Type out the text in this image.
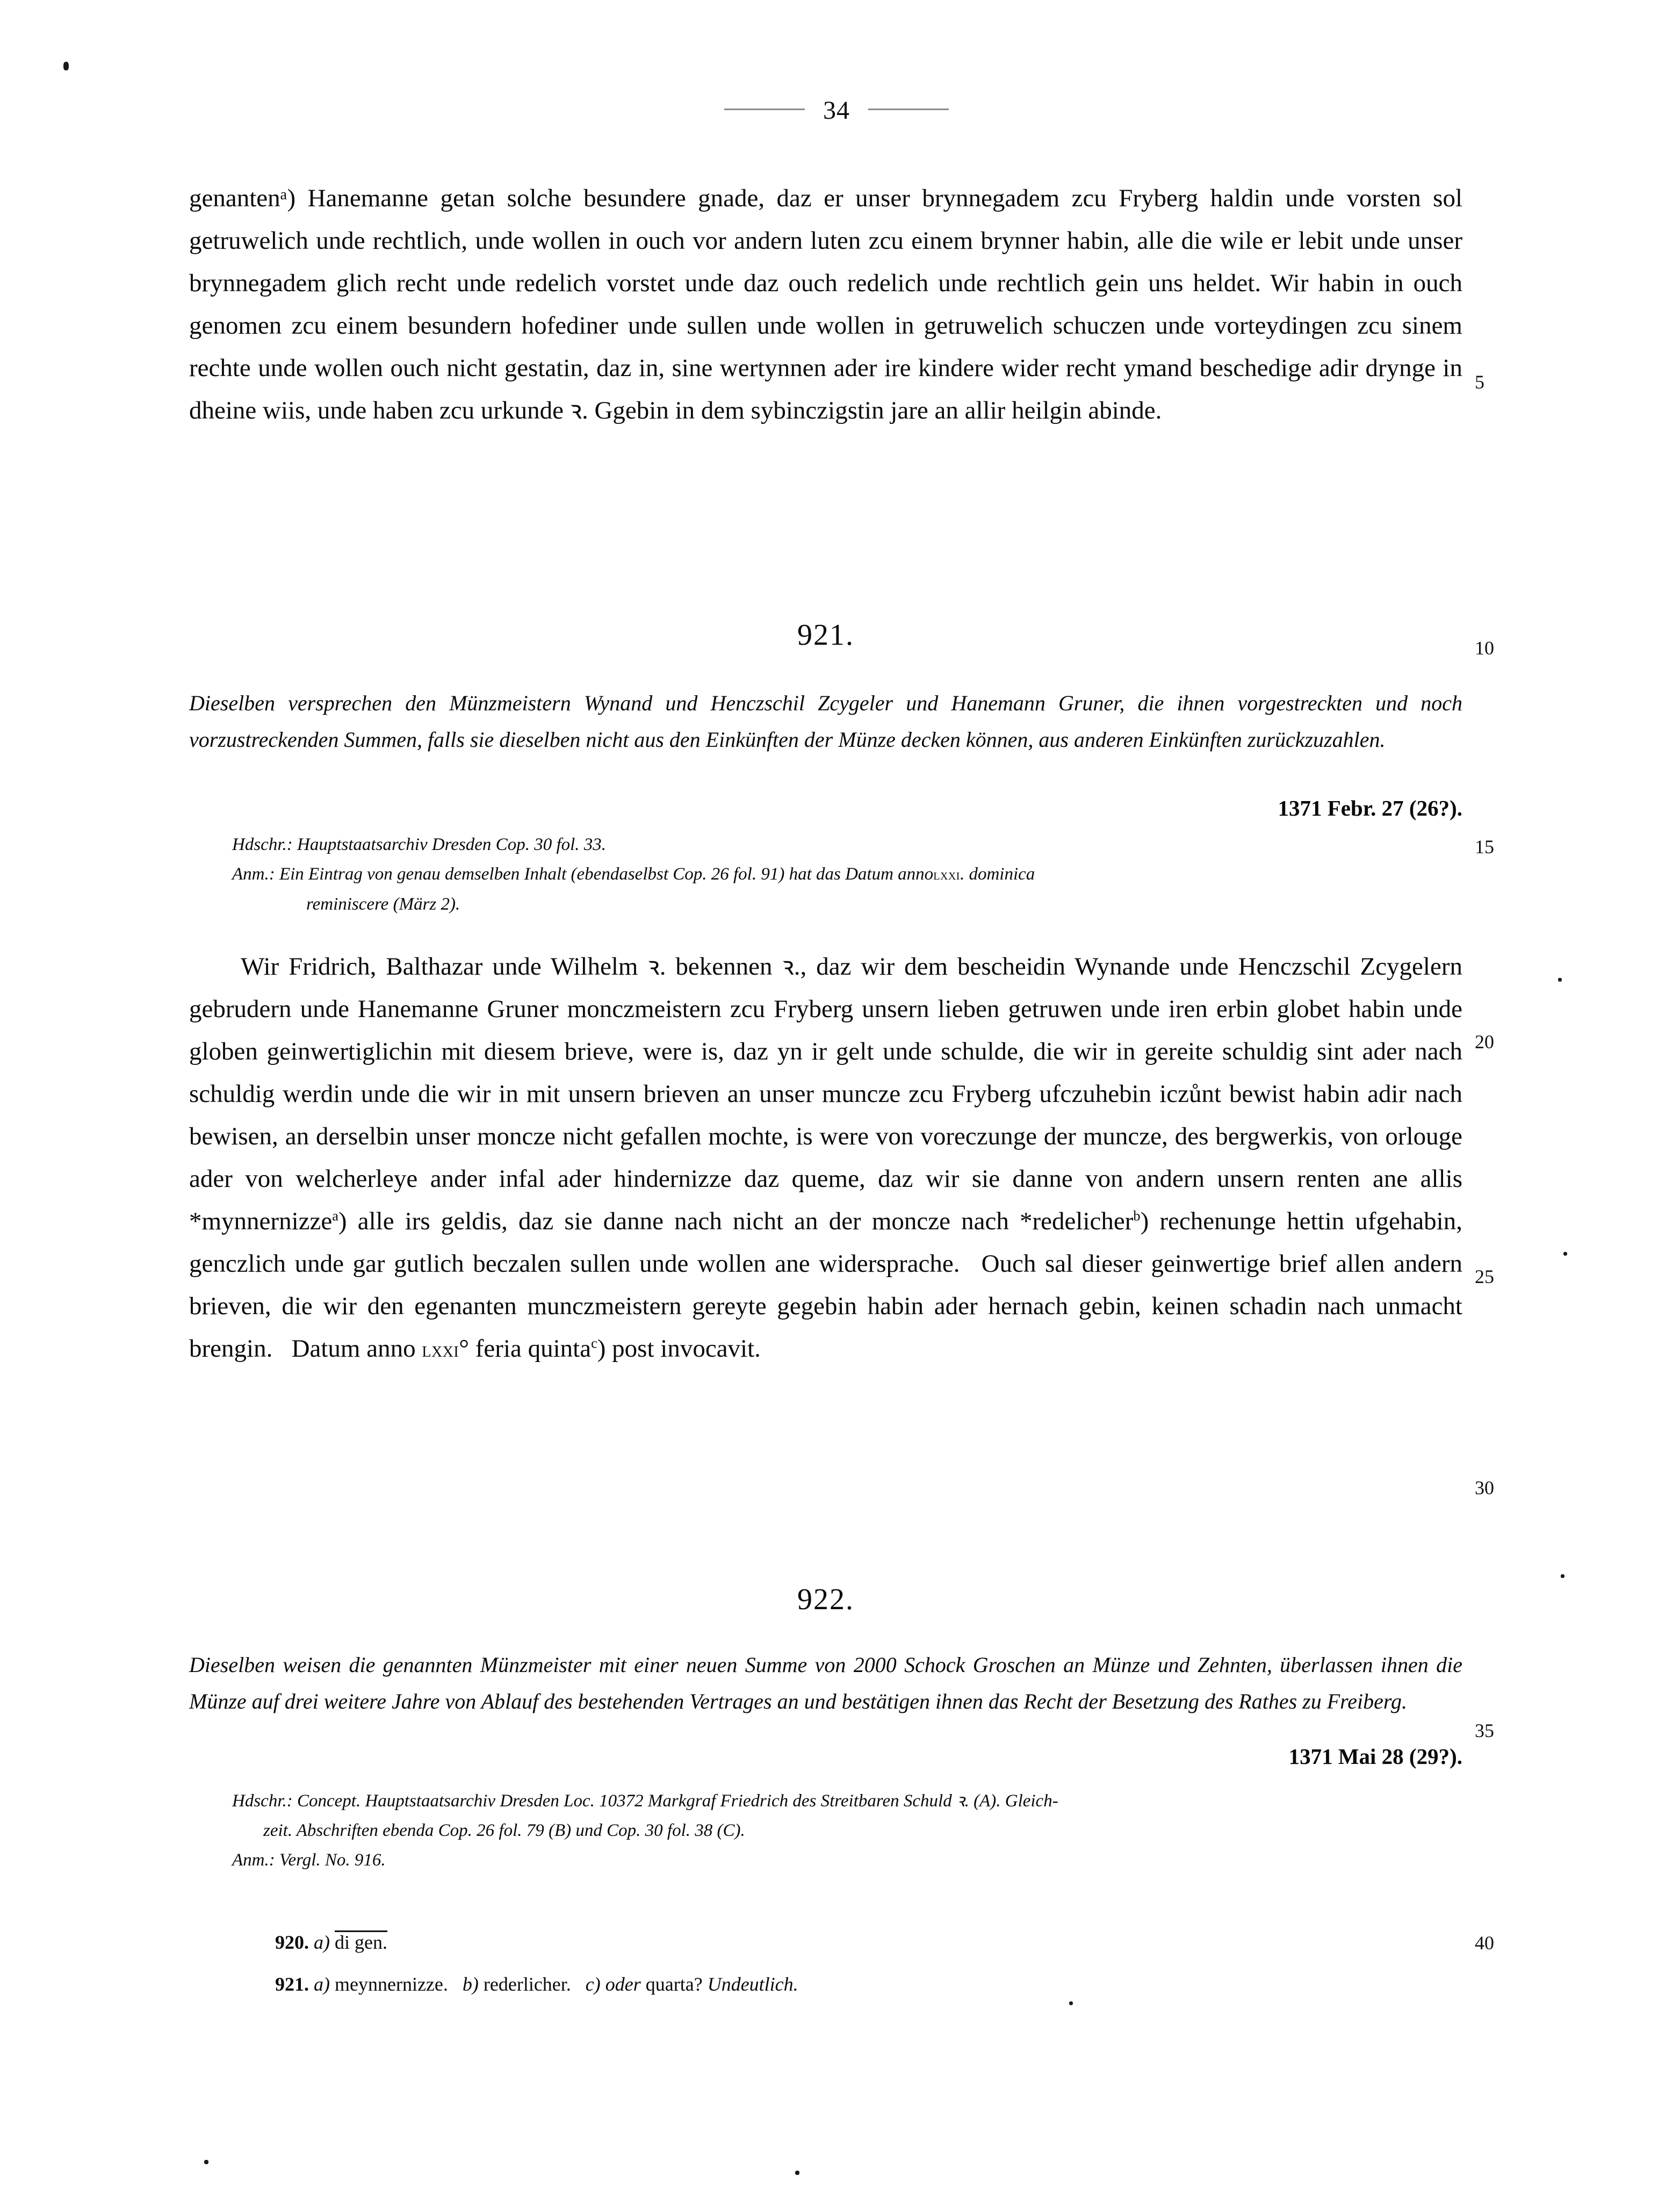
34

genantenᵃ) Hanemanne getan solche besundere gnade, daz er unser brynnegadem zcu Fryberg haldin unde vorsten sol getruwelich unde rechtlich, unde wollen in ouch vor andern luten zcu einem brynner habin, alle die wile er lebit unde unser brynnegadem glich recht unde redelich vorstet unde daz ouch redelich unde rechtlich gein uns heldet. Wir habin in ouch genomen zcu einem besundern hofediner unde sullen unde wollen in getruwelich schuczen unde vorteydingen zcu sinem rechte unde wollen ouch nicht gestatin, daz in, sine wertynnen ader ire kindere wider recht ymand beschedige adir drynge in dheine wiis, unde haben zcu urkunde ꝛ. Ggebin in dem sybinczigstin jare an allir heilgin abinde.

921.

Dieselben versprechen den Münzmeistern Wynand und Henczschil Zcygeler und Hanemann Gruner, die ihnen vorgestreckten und noch vorzustreckenden Summen, falls sie dieselben nicht aus den Einkünften der Münze decken können, aus anderen Einkünften zurückzuzahlen.

1371 Febr. 27 (26?).

Hdschr.: Hauptstaatsarchiv Dresden Cop. 30 fol. 33.

Anm.: Ein Eintrag von genau demselben Inhalt (ebendaselbst Cop. 26 fol. 91) hat das Datum annolxxi. dominica

reminiscere (März 2).

Wir Fridrich, Balthazar unde Wilhelm ꝛ. bekennen ꝛ., daz wir dem bescheidin Wynande unde Henczschil Zcygelern gebrudern unde Hanemanne Gruner monczmeistern zcu Fryberg unsern lieben getruwen unde iren erbin globet habin unde globen geinwertiglichin mit diesem brieve, were is, daz yn ir gelt unde schulde, die wir in gereite schuldig sint ader nach schuldig werdin unde die wir in mit unsern brieven an unser muncze zcu Fryberg ufczuhebin iczůnt bewist habin adir nach bewisen, an derselbin unser moncze nicht gefallen mochte, is were von voreczunge der muncze, des bergwerkis, von orlouge ader von welcherleye ander infal ader hindernizze daz queme, daz wir sie danne von andern unsern renten ane allis *mynnernizze$^a$) alle irs geldis, daz sie danne nach nicht an der moncze nach *redelicher$^b$) rechenunge hettin ufgehabin, genczlich unde gar gutlich beczalen sullen unde wollen ane widersprache.  Ouch sal dieser geinwertige brief allen andern brieven, die wir den egenanten munczmeistern gereyte gegebin habin ader hernach gebin, keinen schadin nach unmacht brengin.  Datum anno lxxi° feria quinta$^c$) post invocavit.

922.

Dieselben weisen die genannten Münzmeister mit einer neuen Summe von 2000 Schock Groschen an Münze und Zehnten, überlassen ihnen die Münze auf drei weitere Jahre von Ablauf des bestehenden Vertrages an und bestätigen ihnen das Recht der Besetzung des Rathes zu Freiberg.

1371 Mai 28 (29?).

Hdschr.: Concept. Hauptstaatsarchiv Dresden Loc. 10372 Markgraf Friedrich des Streitbaren Schuld ꝛ. (A). Gleich-

zeit. Abschriften ebenda Cop. 26 fol. 79 (B) und Cop. 30 fol. 38 (C).

Anm.: Vergl. No. 916.

920. a) di gen.

921. a) meynnernizze.  b) rederlicher.  c) oder quarta? Undeutlich.

5
10
15
20
25
30
35
40
